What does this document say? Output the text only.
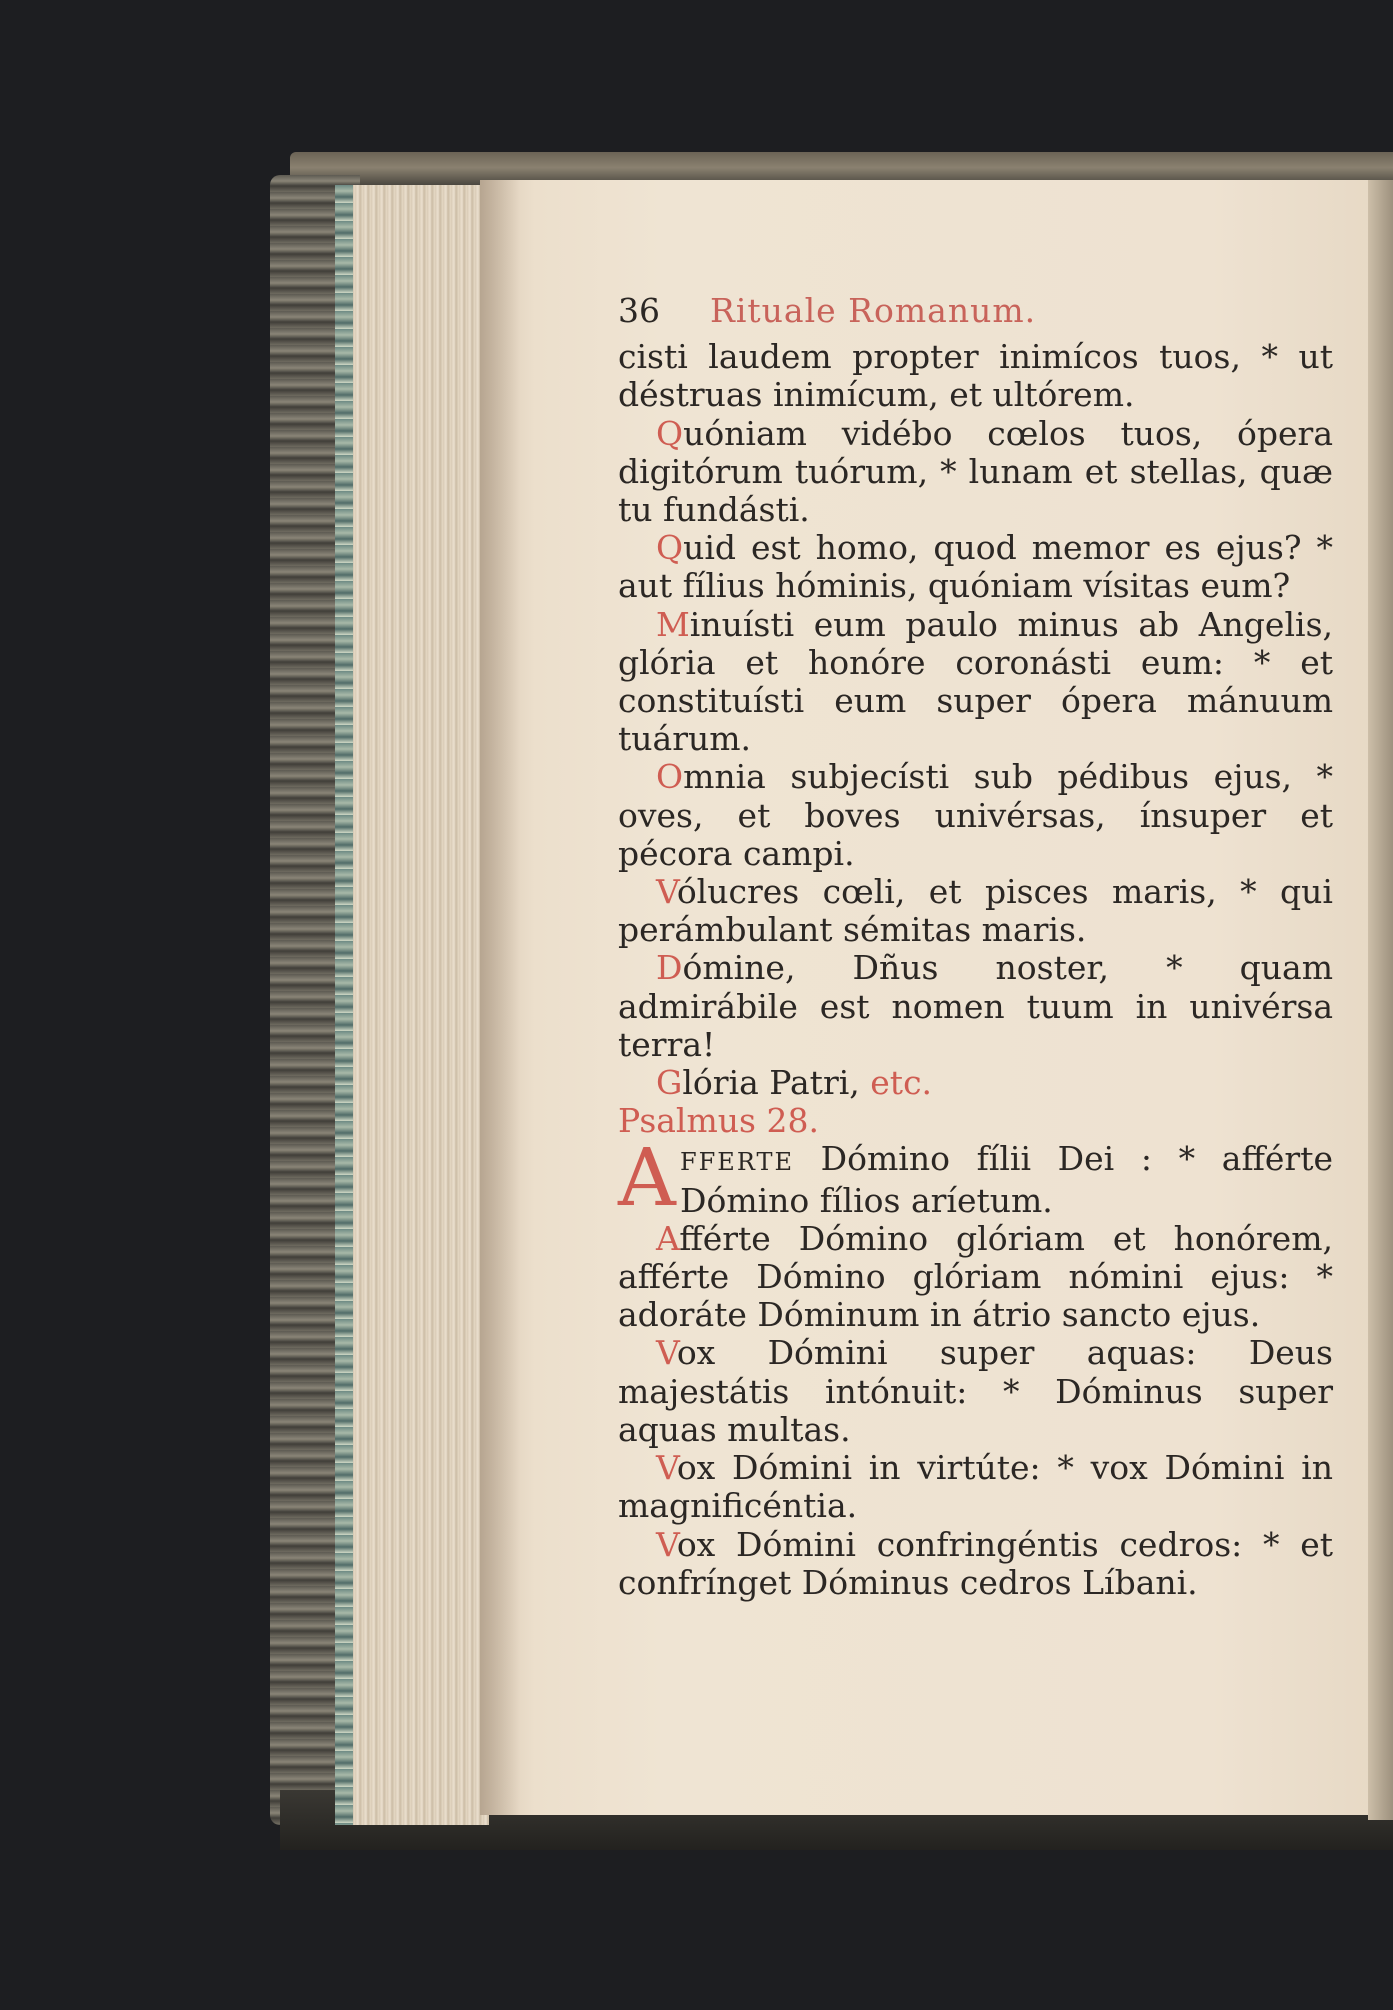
36 Rituale Romanum.

cisti laudem propter inimícos tuos, * ut déstruas inimícum, et ultórem.

Quóniam vidébo cœlos tuos, ópera digitórum tuórum, * lunam et stellas, quæ tu fundásti.

Quid est homo, quod memor es ejus? * aut fílius hóminis, quóniam vísitas eum?

Minuísti eum paulo minus ab Angelis, glória et honóre coronásti eum: * et constituísti eum super ópera mánuum tuárum.

Omnia subjecísti sub pédibus ejus, * oves, et boves univérsas, ínsuper et pécora campi.

Vólucres cœli, et pisces maris, * qui perámbulant sémitas maris.

Dómine, Dñus noster, * quam admirábile est nomen tuum in univérsa terra!

Glória Patri, etc.

Psalmus 28.

A FFERTE Dómino fílii Dei : * afférte Dómino fílios aríetum.

Afférte Dómino glóriam et honórem, afférte Dómino glóriam nómini ejus: * adoráte Dóminum in átrio sancto ejus.

Vox Dómini super aquas: Deus majestátis intónuit: * Dóminus super aquas multas.

Vox Dómini in virtúte: * vox Dómini in magnificéntia.

Vox Dómini confringéntis cedros: * et confrínget Dóminus cedros Líbani.
